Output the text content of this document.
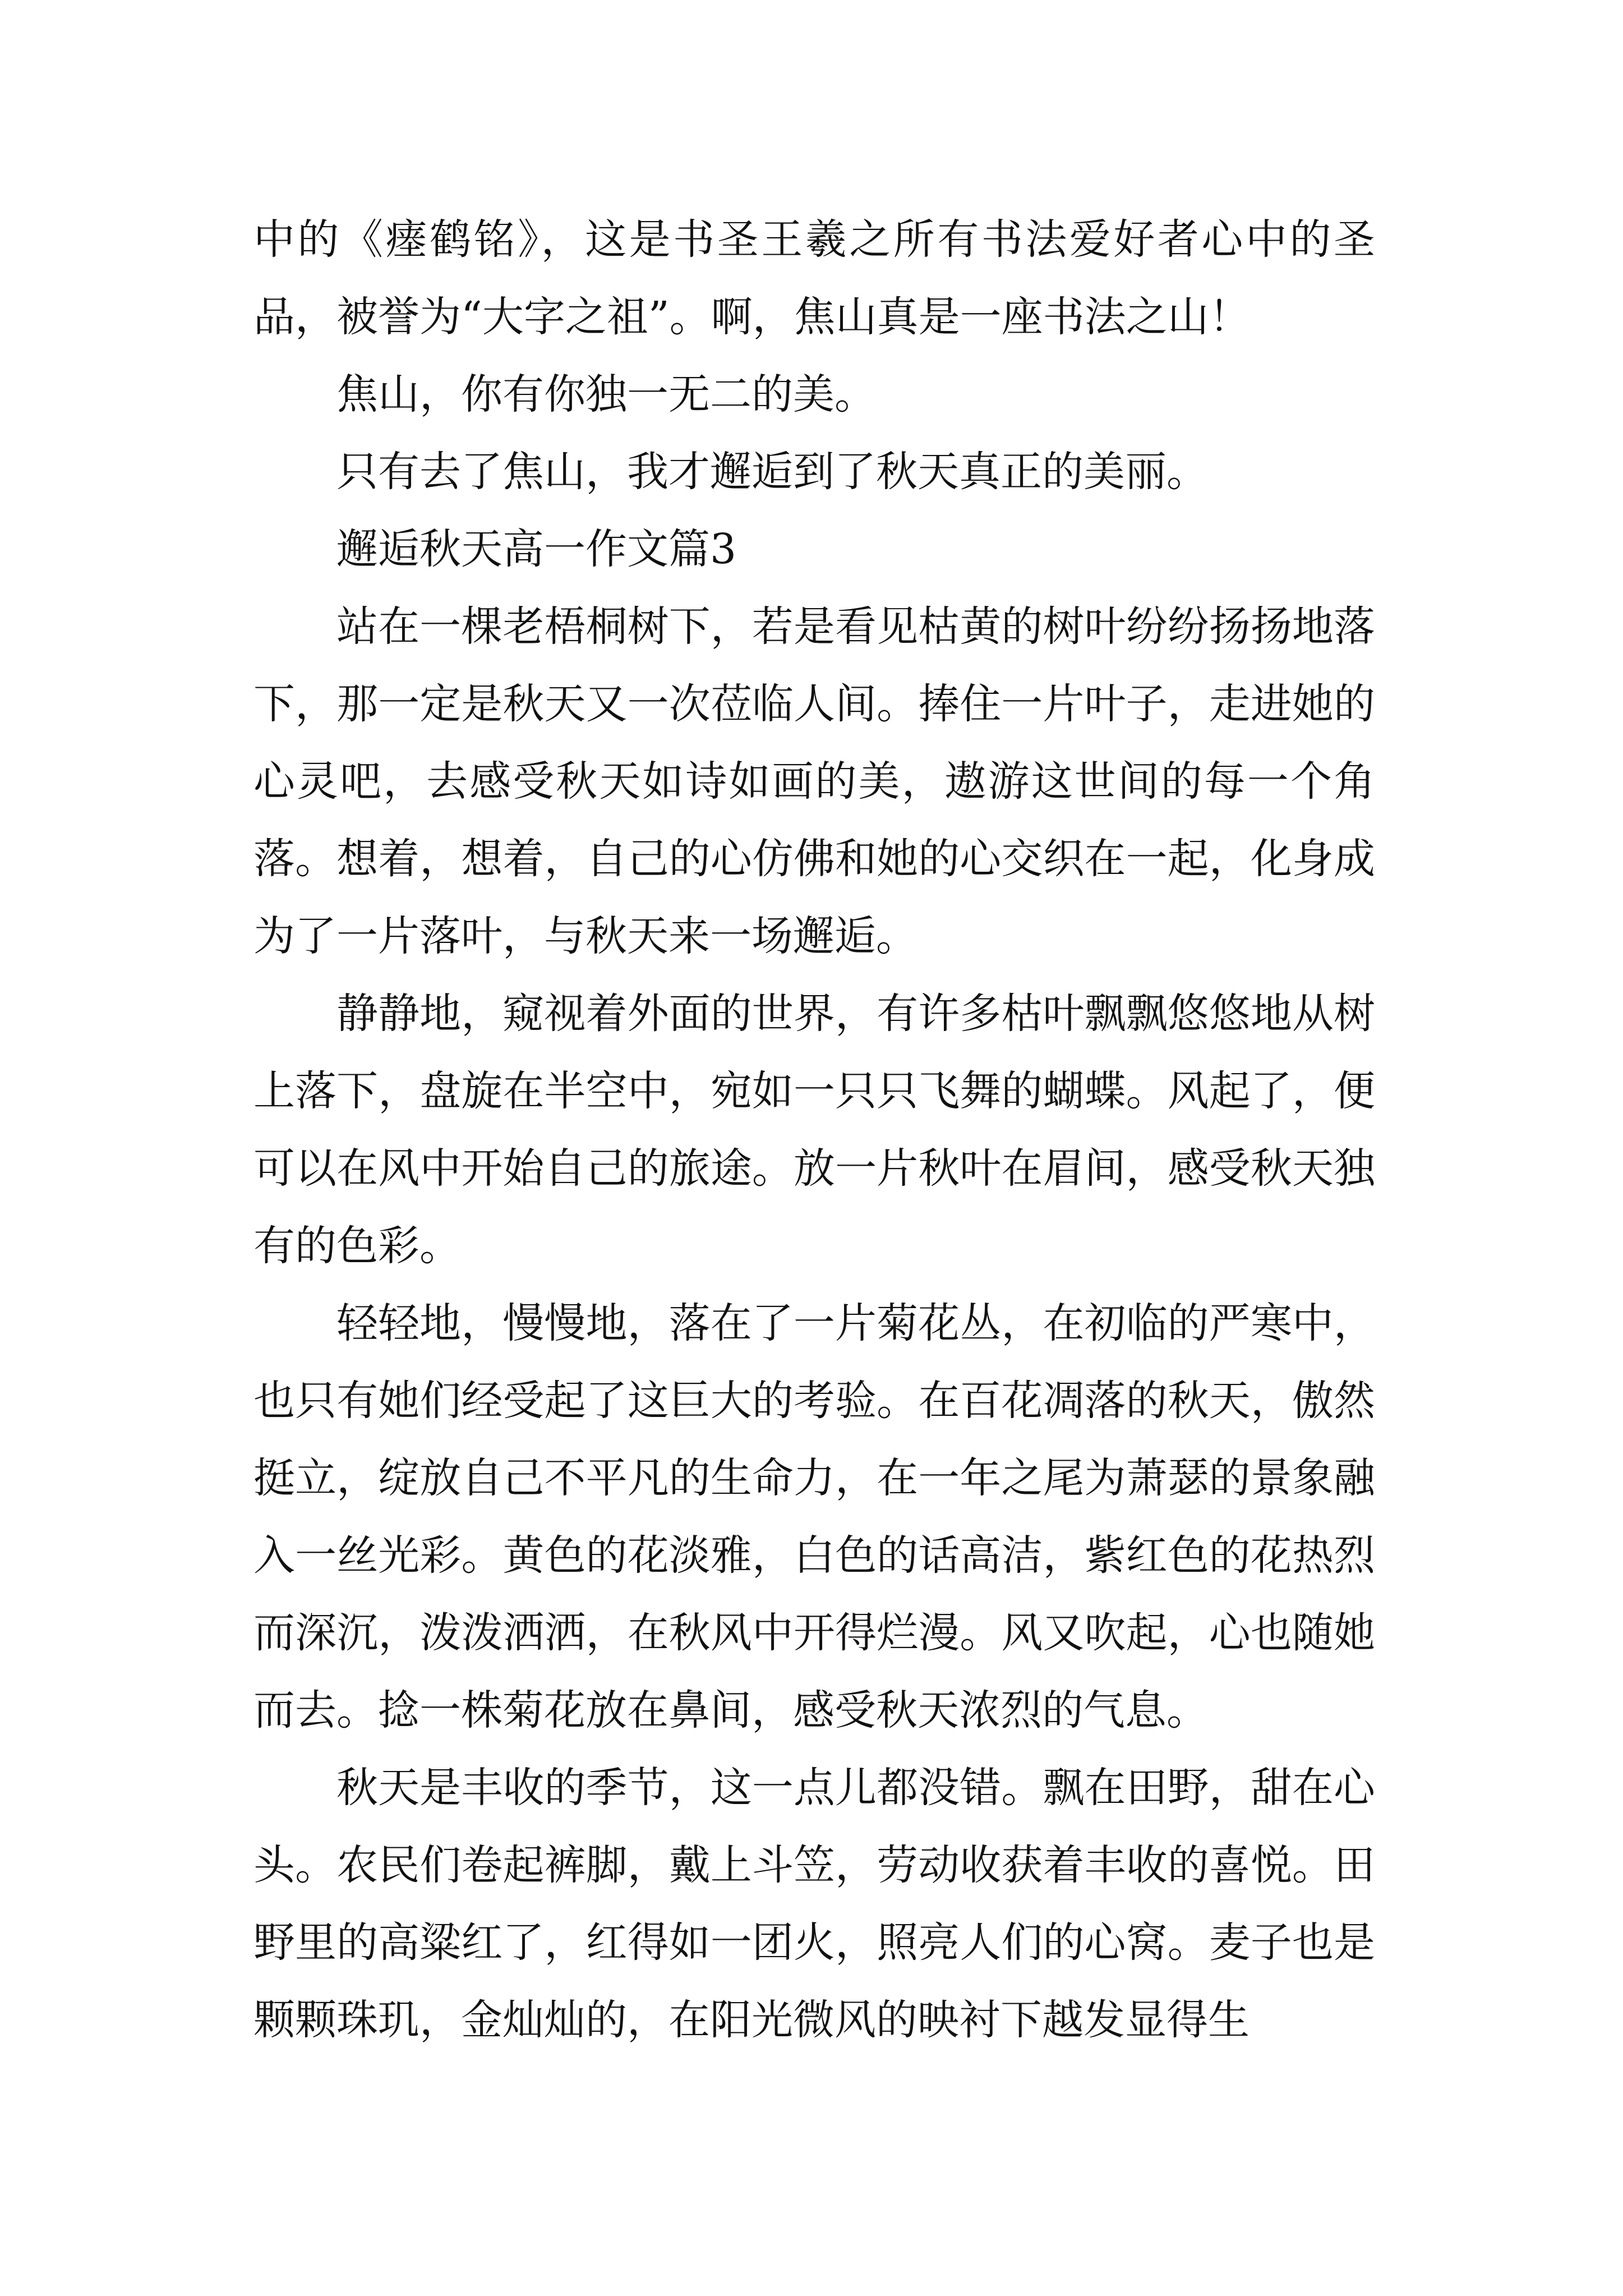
中的《瘗鹤铭》，这是书圣王羲之所有书法爱好者心中的圣品，被誉为“大字之祖”。啊，焦山真是一座书法之山！

焦山，你有你独一无二的美。

只有去了焦山，我才邂逅到了秋天真正的美丽。

邂逅秋天高一作文篇3

站在一棵老梧桐树下，若是看见枯黄的树叶纷纷扬扬地落下，那一定是秋天又一次莅临人间。捧住一片叶子，走进她的心灵吧，去感受秋天如诗如画的美，遨游这世间的每一个角落。想着，想着，自己的心仿佛和她的心交织在一起，化身成为了一片落叶，与秋天来一场邂逅。

静静地，窥视着外面的世界，有许多枯叶飘飘悠悠地从树上落下，盘旋在半空中，宛如一只只飞舞的蝴蝶。风起了，便可以在风中开始自己的旅途。放一片秋叶在眉间，感受秋天独有的色彩。

轻轻地，慢慢地，落在了一片菊花丛，在初临的严寒中，也只有她们经受起了这巨大的考验。在百花凋落的秋天，傲然挺立，绽放自己不平凡的生命力，在一年之尾为萧瑟的景象融入一丝光彩。黄色的花淡雅，白色的话高洁，紫红色的花热烈而深沉，泼泼洒洒，在秋风中开得烂漫。风又吹起，心也随她而去。捻一株菊花放在鼻间，感受秋天浓烈的气息。

秋天是丰收的季节，这一点儿都没错。飘在田野，甜在心头。农民们卷起裤脚，戴上斗笠，劳动收获着丰收的喜悦。田野里的高粱红了，红得如一团火，照亮人们的心窝。麦子也是颗颗珠玑，金灿灿的，在阳光微风的映衬下越发显得生
